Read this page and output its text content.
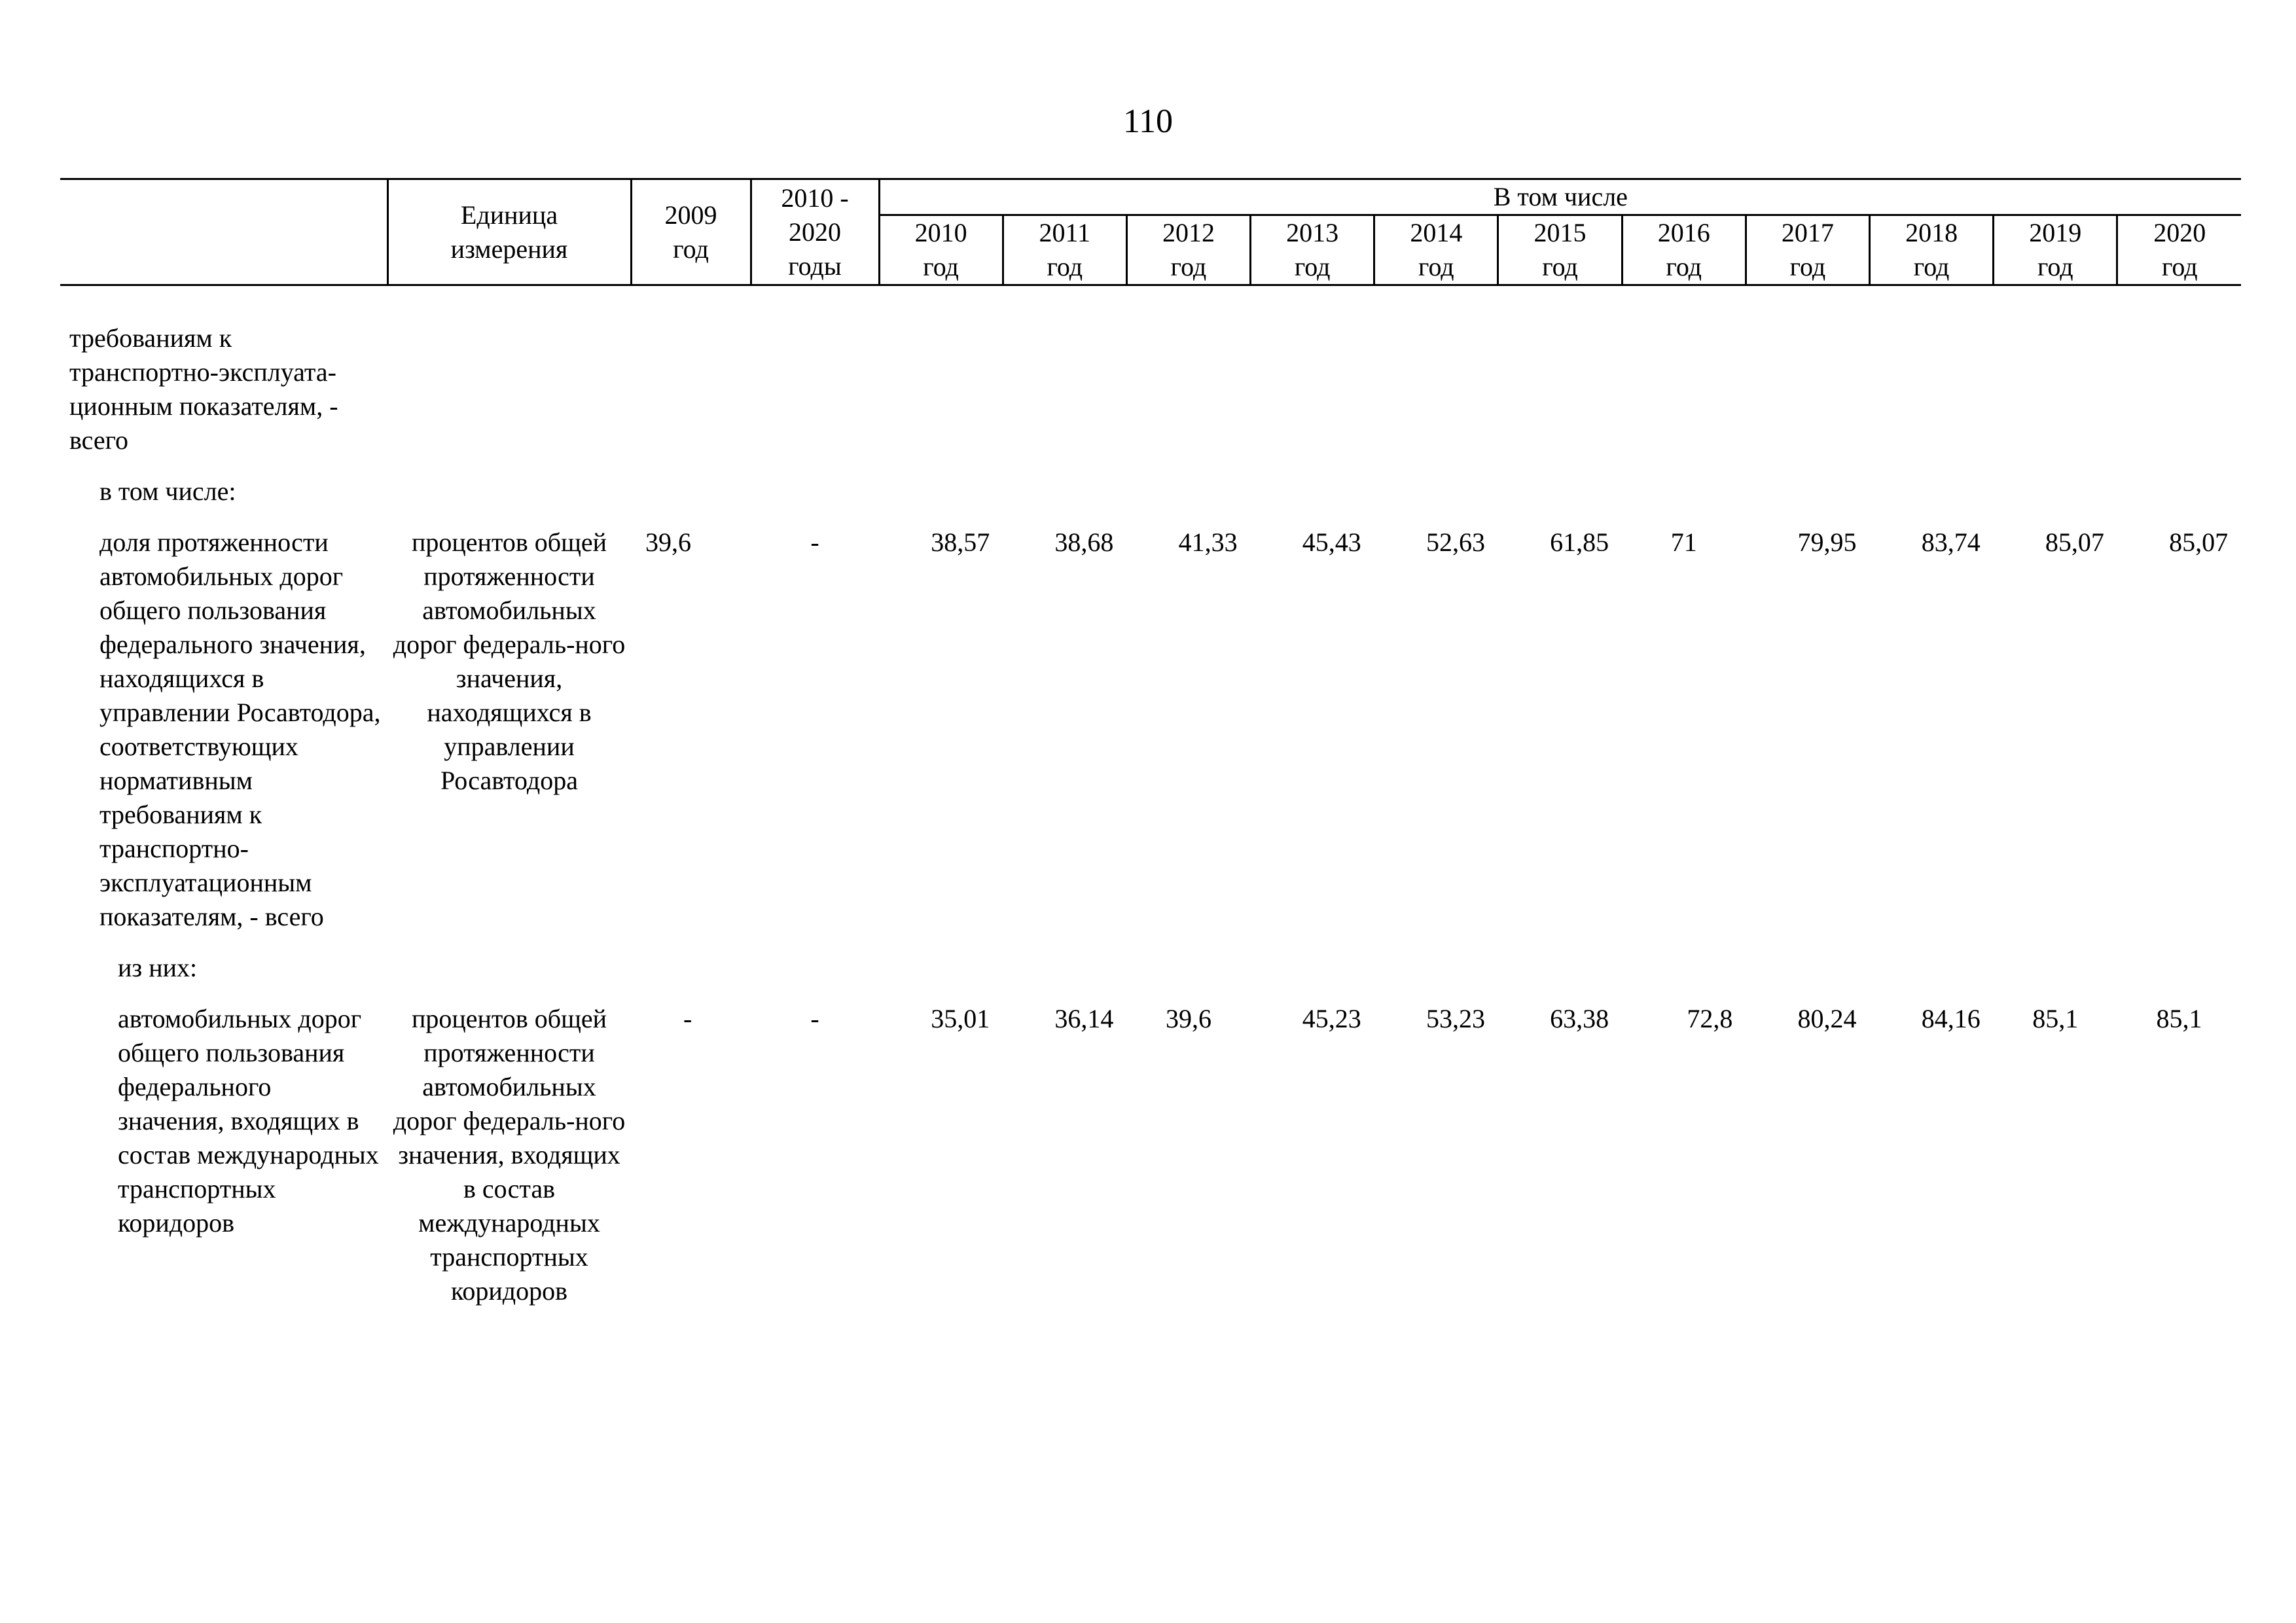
110
	Единица измерения	2009 год	2010 - 2020 годы	В том числе										
				2010 год	2011 год	2012 год	2013 год	2014 год	2015 год	2016 год	2017 год	2018 год	2019 год	2020 год

требованиям к транспортно-эксплуата-ционным показателям, - всего														
в том числе:														
доля протяженности автомобильных дорог общего пользования федерального значения, находящихся в управлении Росавтодора, соответствующих нормативным требованиям к транспортно-эксплуатационным показателям, - всего	процентов общей протяженности автомобильных дорог федераль-ного значения, находящихся в управлении Росавтодора	39,6	-	38,57	38,68	41,33	45,43	52,63	61,85	71	79,95	83,74	85,07	85,07
из них:														
автомобильных дорог общего пользования федерального значения, входящих в состав международных транспортных коридоров	процентов общей протяженности автомобильных дорог федераль-ного значения, входящих в состав международных транспортных коридоров	-	-	35,01	36,14	39,6	45,23	53,23	63,38	72,8	80,24	84,16	85,1	85,1
